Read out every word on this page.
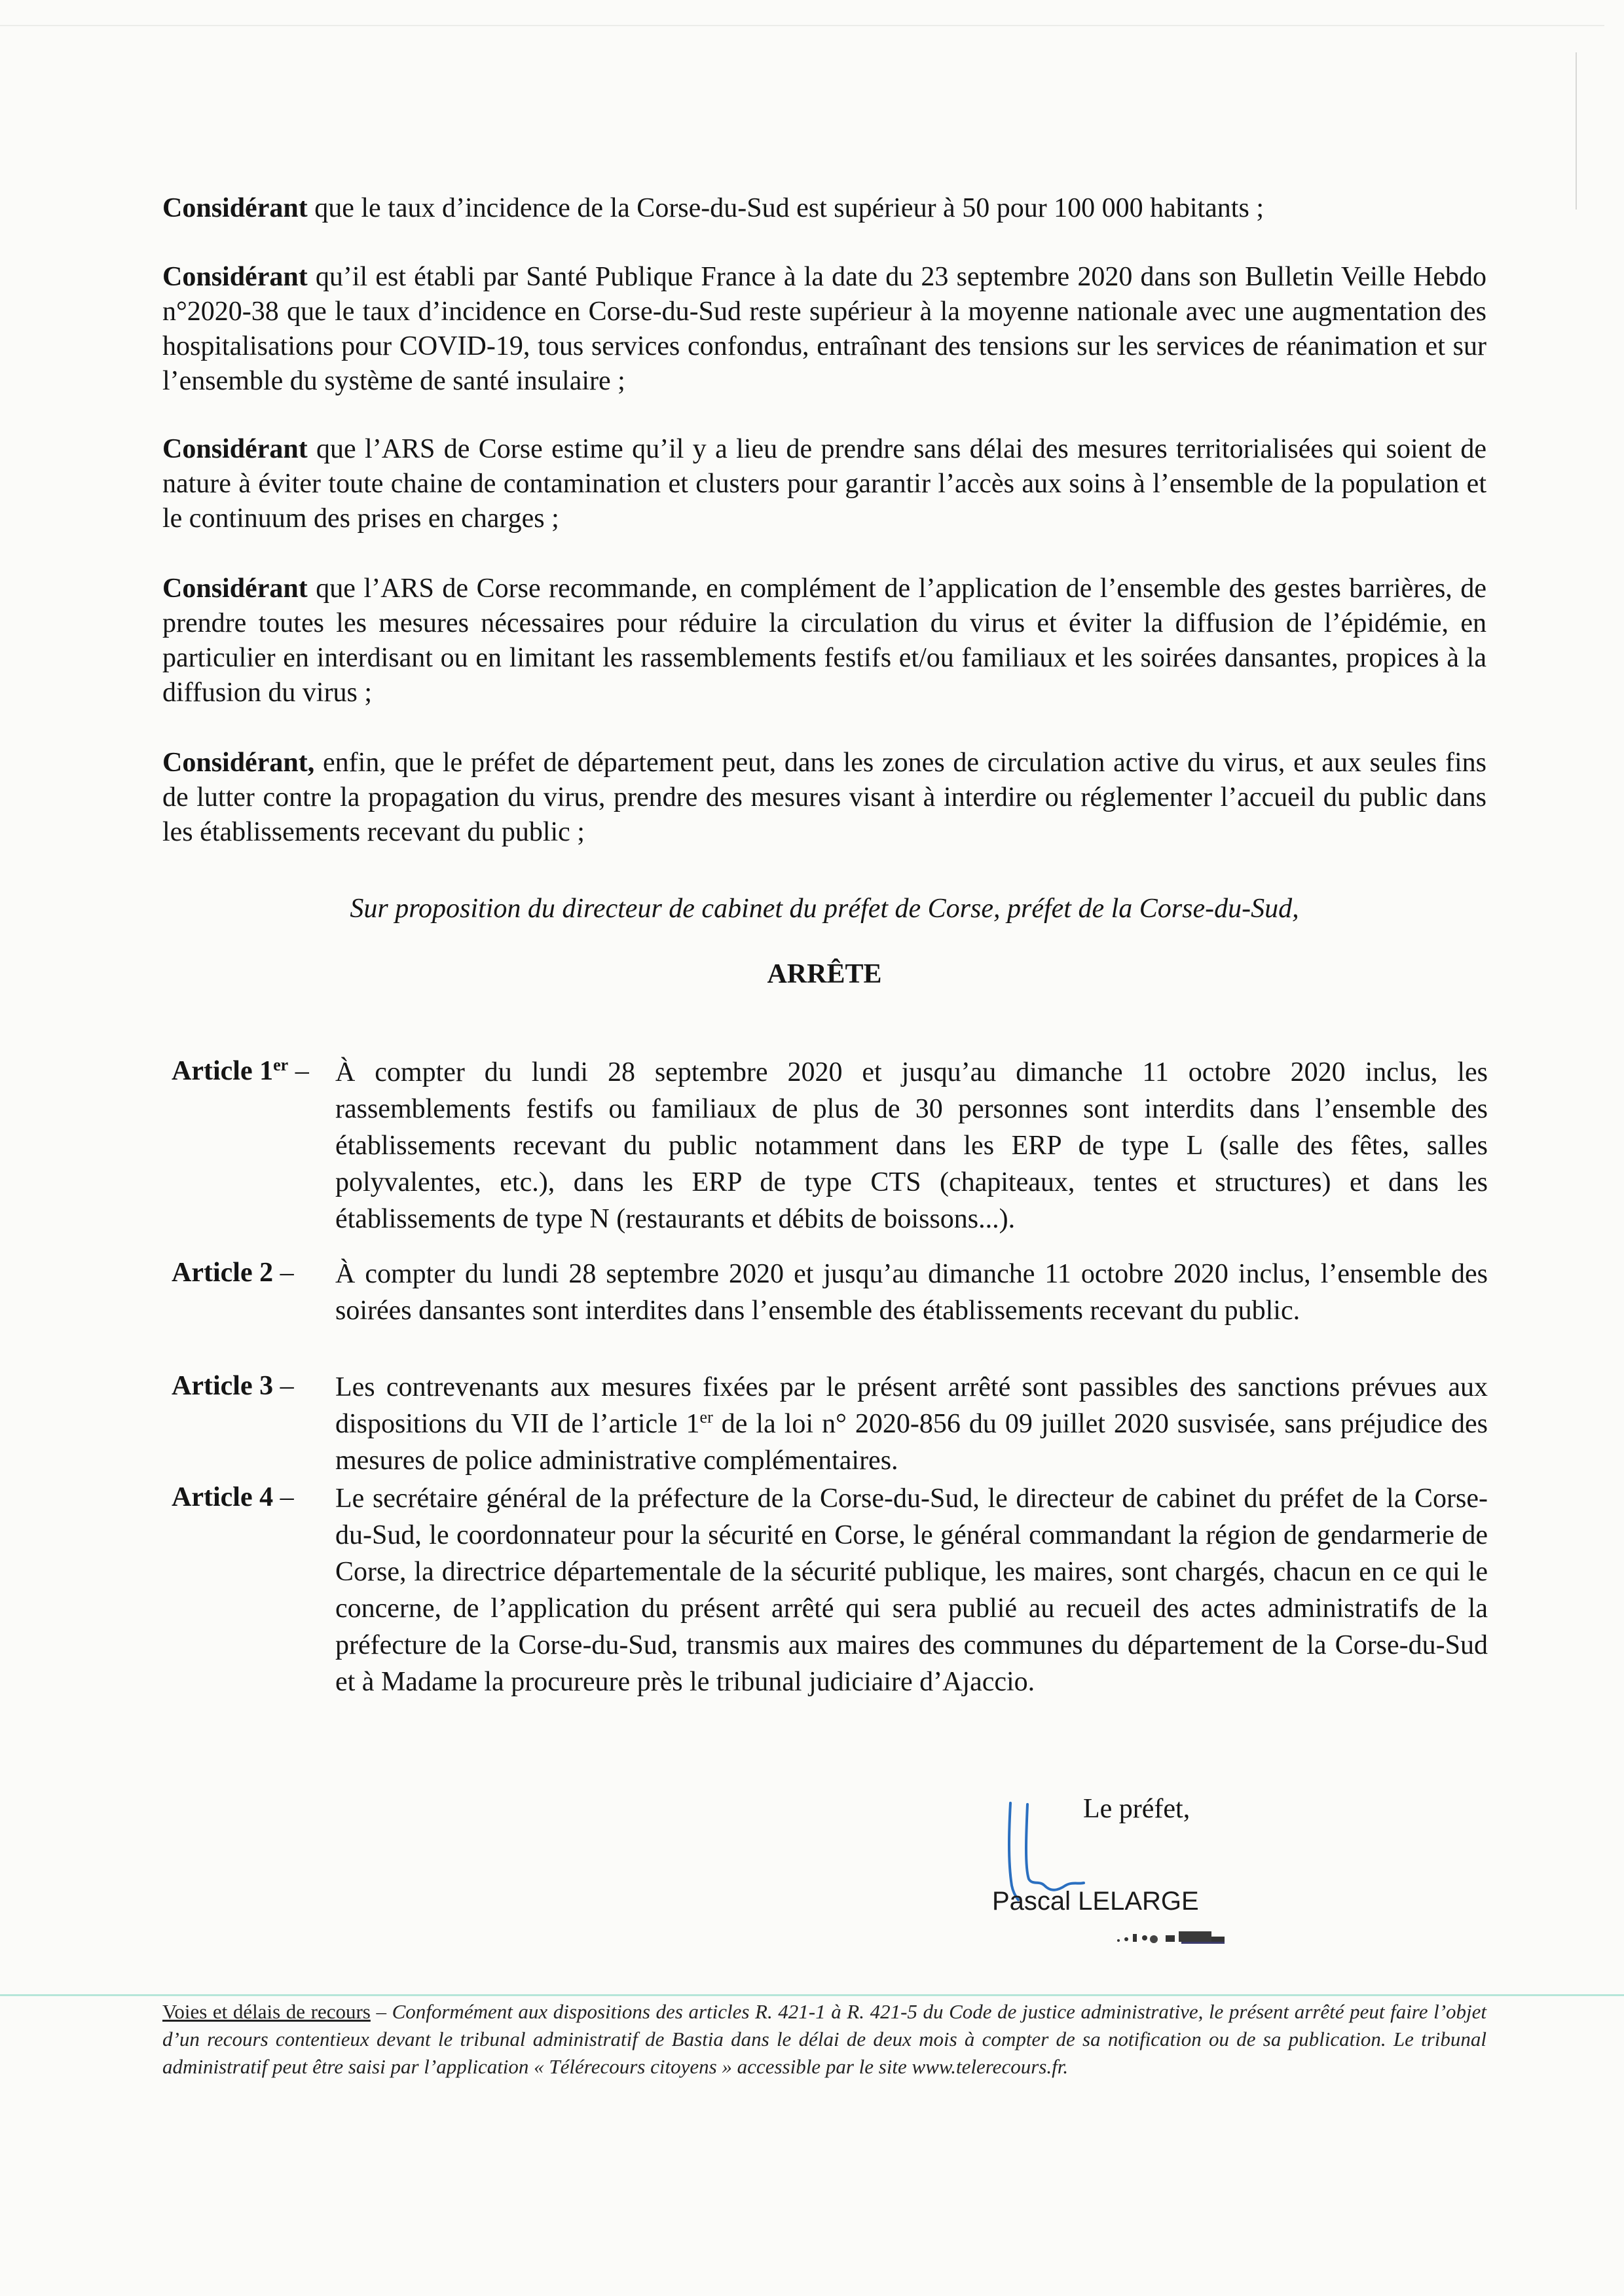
Considérant que le taux d’incidence de la Corse-du-Sud est supérieur à 50 pour 100 000 habitants ;

Considérant qu’il est établi par Santé Publique France à la date du 23 septembre 2020 dans son Bulletin Veille Hebdo n°2020-38 que le taux d’incidence en Corse-du-Sud reste supérieur à la moyenne nationale avec une augmentation des hospitalisations pour COVID-19, tous services confondus, entraînant des tensions sur les services de réanimation et sur l’ensemble du système de santé insulaire ;

Considérant que l’ARS de Corse estime qu’il y a lieu de prendre sans délai des mesures territorialisées qui soient de nature à éviter toute chaine de contamination et clusters pour garantir l’accès aux soins à l’ensemble de la population et le continuum des prises en charges ;

Considérant que l’ARS de Corse recommande, en complément de l’application de l’ensemble des gestes barrières, de prendre toutes les mesures nécessaires pour réduire la circulation du virus et éviter la diffusion de l’épidémie, en particulier en interdisant ou en limitant les rassemblements festifs et/ou familiaux et les soirées dansantes, propices à la diffusion du virus ;

Considérant, enfin, que le préfet de département peut, dans les zones de circulation active du virus, et aux seules fins de lutter contre la propagation du virus, prendre des mesures visant à interdire ou réglementer l’accueil du public dans les établissements recevant du public ;

Sur proposition du directeur de cabinet du préfet de Corse, préfet de la Corse-du-Sud,
ARRÊTE
Article 1er – À compter du lundi 28 septembre 2020 et jusqu’au dimanche 11 octobre 2020 inclus, les rassemblements festifs ou familiaux de plus de 30 personnes sont interdits dans l’ensemble des établissements recevant du public notamment dans les ERP de type L (salle des fêtes, salles polyvalentes, etc.), dans les ERP de type CTS (chapiteaux, tentes et structures) et dans les établissements de type N (restaurants et débits de boissons...).

Article 2 –	À compter du lundi 28 septembre 2020 et jusqu’au dimanche 11 octobre 2020 inclus, l’ensemble des soirées dansantes sont interdites dans l’ensemble des établissements recevant du public.

Article 3 –	Les contrevenants aux mesures fixées par le présent arrêté sont passibles des sanctions prévues aux dispositions du VII de l’article 1er de la loi n° 2020-856 du 09 juillet 2020 susvisée, sans préjudice des mesures de police administrative complémentaires.

Article 4 –	Le secrétaire général de la préfecture de la Corse-du-Sud, le directeur de cabinet du préfet de la Corse-du-Sud, le coordonnateur pour la sécurité en Corse, le général commandant la région de gendarmerie de Corse, la directrice départementale de la sécurité publique, les maires, sont chargés, chacun en ce qui le concerne, de l’application du présent arrêté qui sera publié au recueil des actes administratifs de la préfecture de la Corse-du-Sud, transmis aux maires des communes du département de la Corse-du-Sud et à Madame la procureure près le tribunal judiciaire d’Ajaccio.

Le préfet,
Pascal LELARGE

Voies et délais de recours – Conformément aux dispositions des articles R. 421-1 à R. 421-5 du Code de justice administrative, le présent arrêté peut faire l’objet d’un recours contentieux devant le tribunal administratif de Bastia dans le délai de deux mois à compter de sa notification ou de sa publication. Le tribunal administratif peut être saisi par l’application « Télérecours citoyens » accessible par le site www.telerecours.fr.
